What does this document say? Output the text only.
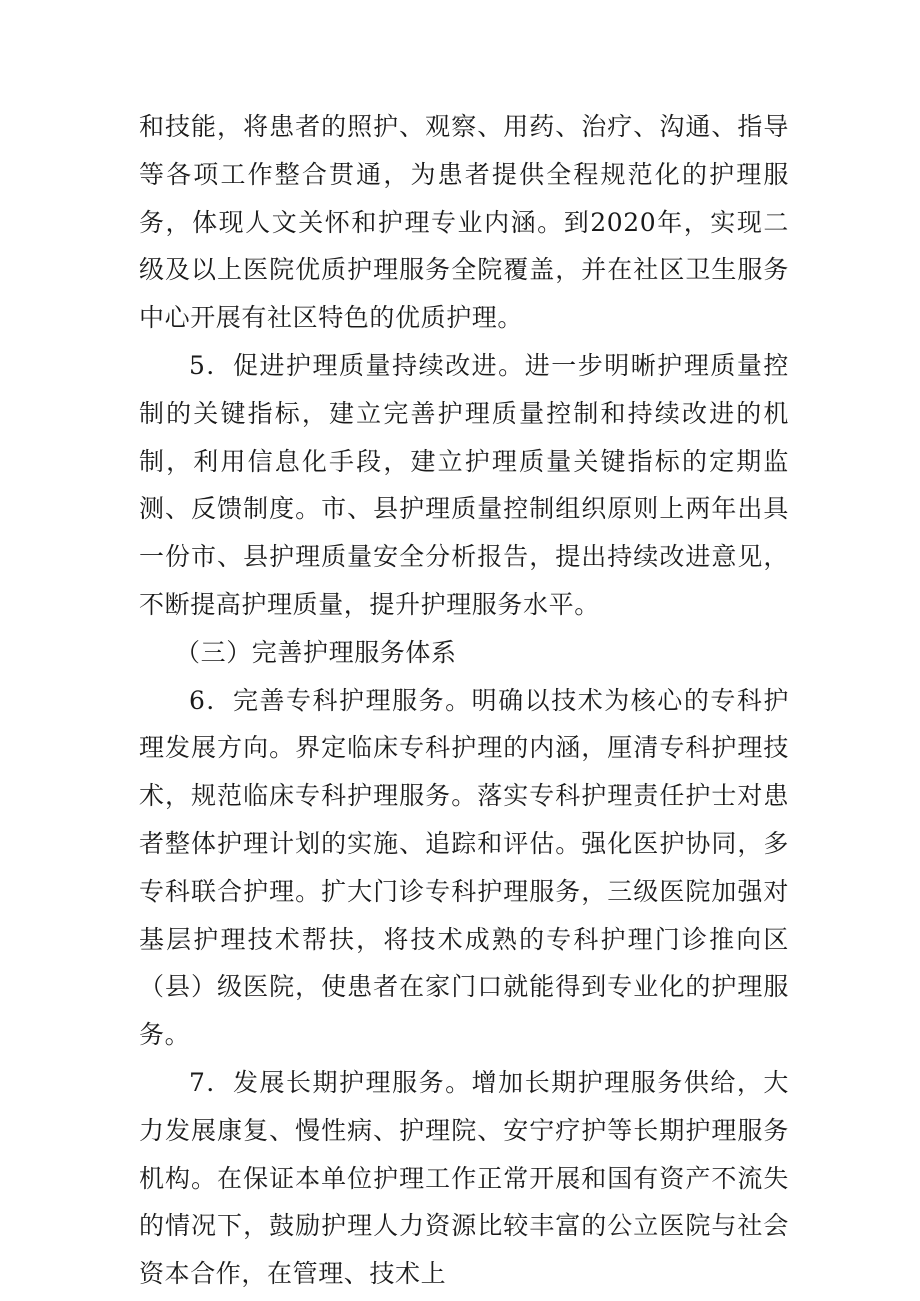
和技能，将患者的照护、观察、用药、治疗、沟通、指导等各项工作整合贯通，为患者提供全程规范化的护理服务，体现人文关怀和护理专业内涵。到2020年，实现二级及以上医院优质护理服务全院覆盖，并在社区卫生服务中心开展有社区特色的优质护理。

5．促进护理质量持续改进。进一步明晰护理质量控制的关键指标，建立完善护理质量控制和持续改进的机制，利用信息化手段，建立护理质量关键指标的定期监测、反馈制度。市、县护理质量控制组织原则上两年出具一份市、县护理质量安全分析报告，提出持续改进意见，不断提高护理质量，提升护理服务水平。

（三）完善护理服务体系

6．完善专科护理服务。明确以技术为核心的专科护理发展方向。界定临床专科护理的内涵，厘清专科护理技术，规范临床专科护理服务。落实专科护理责任护士对患者整体护理计划的实施、追踪和评估。强化医护协同，多专科联合护理。扩大门诊专科护理服务，三级医院加强对基层护理技术帮扶，将技术成熟的专科护理门诊推向区（县）级医院，使患者在家门口就能得到专业化的护理服务。

7．发展长期护理服务。增加长期护理服务供给，大力发展康复、慢性病、护理院、安宁疗护等长期护理服务机构。在保证本单位护理工作正常开展和国有资产不流失的情况下，鼓励护理人力资源比较丰富的公立医院与社会资本合作，在管理、技术上
